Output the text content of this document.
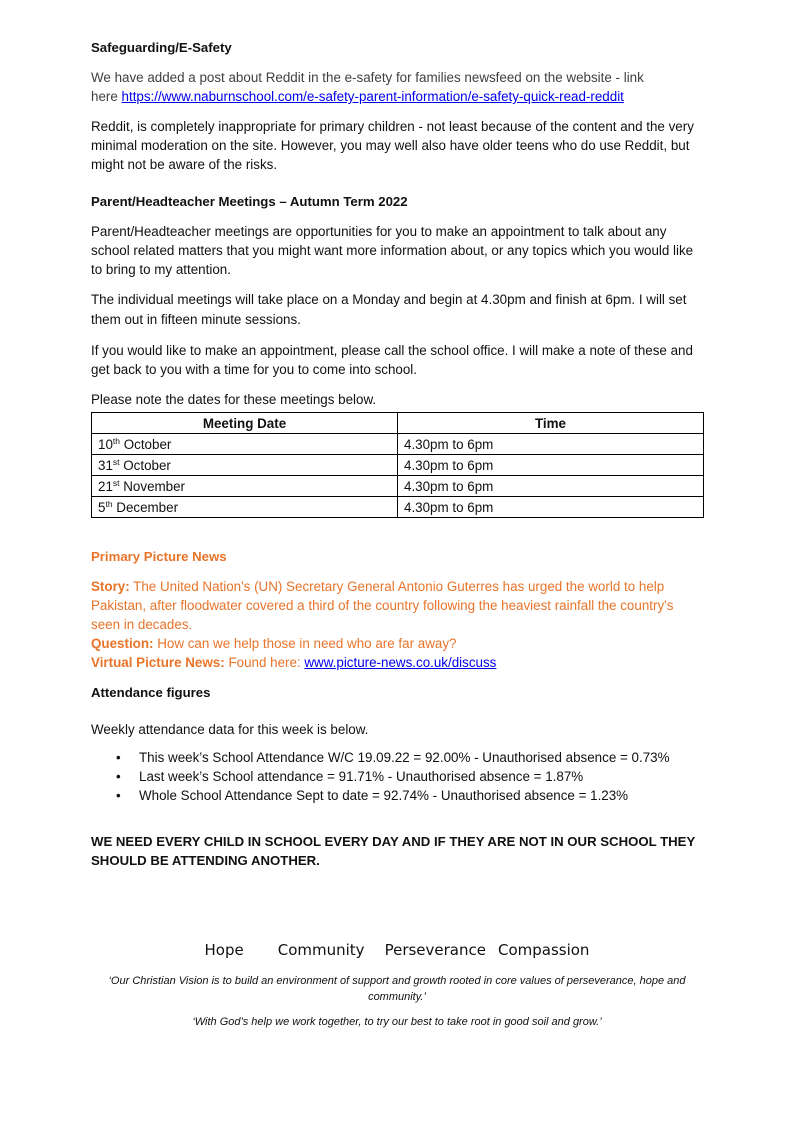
Safeguarding/E-Safety

We have added a post about Reddit in the e-safety for families newsfeed on the website - link
here https://www.naburnschool.com/e-safety-parent-information/e-safety-quick-read-reddit

Reddit, is completely inappropriate for primary children - not least because of the content and the very minimal moderation on the site. However, you may well also have older teens who do use Reddit, but might not be aware of the risks.

Parent/Headteacher Meetings – Autumn Term 2022

Parent/Headteacher meetings are opportunities for you to make an appointment to talk about any school related matters that you might want more information about, or any topics which you would like to bring to my attention.

The individual meetings will take place on a Monday and begin at 4.30pm and finish at 6pm. I will set them out in fifteen minute sessions.

If you would like to make an appointment, please call the school office. I will make a note of these and get back to you with a time for you to come into school.

Please note the dates for these meetings below.

Meeting Date	Time
10th October	4.30pm to 6pm
31st October	4.30pm to 6pm
21st November	4.30pm to 6pm
5th December	4.30pm to 6pm

Primary Picture News

Story: The United Nation's (UN) Secretary General Antonio Guterres has urged the world to help Pakistan, after floodwater covered a third of the country following the heaviest rainfall the country's seen in decades.

Question: How can we help those in need who are far away?

Virtual Picture News: Found here: www.picture-news.co.uk/discuss

Attendance figures

Weekly attendance data for this week is below.

• This week’s School Attendance W/C 19.09.22 = 92.00% - Unauthorised absence = 0.73%
• Last week’s School attendance = 91.71% - Unauthorised absence = 1.87%
• Whole School Attendance Sept to date = 92.74% - Unauthorised absence = 1.23%

WE NEED EVERY CHILD IN SCHOOL EVERY DAY AND IF THEY ARE NOT IN OUR SCHOOL THEY SHOULD BE ATTENDING ANOTHER.

Hope Community Perseverance Compassion
‘Our Christian Vision is to build an environment of support and growth rooted in core values of perseverance, hope and community.’
‘With God’s help we work together, to try our best to take root in good soil and grow.’
